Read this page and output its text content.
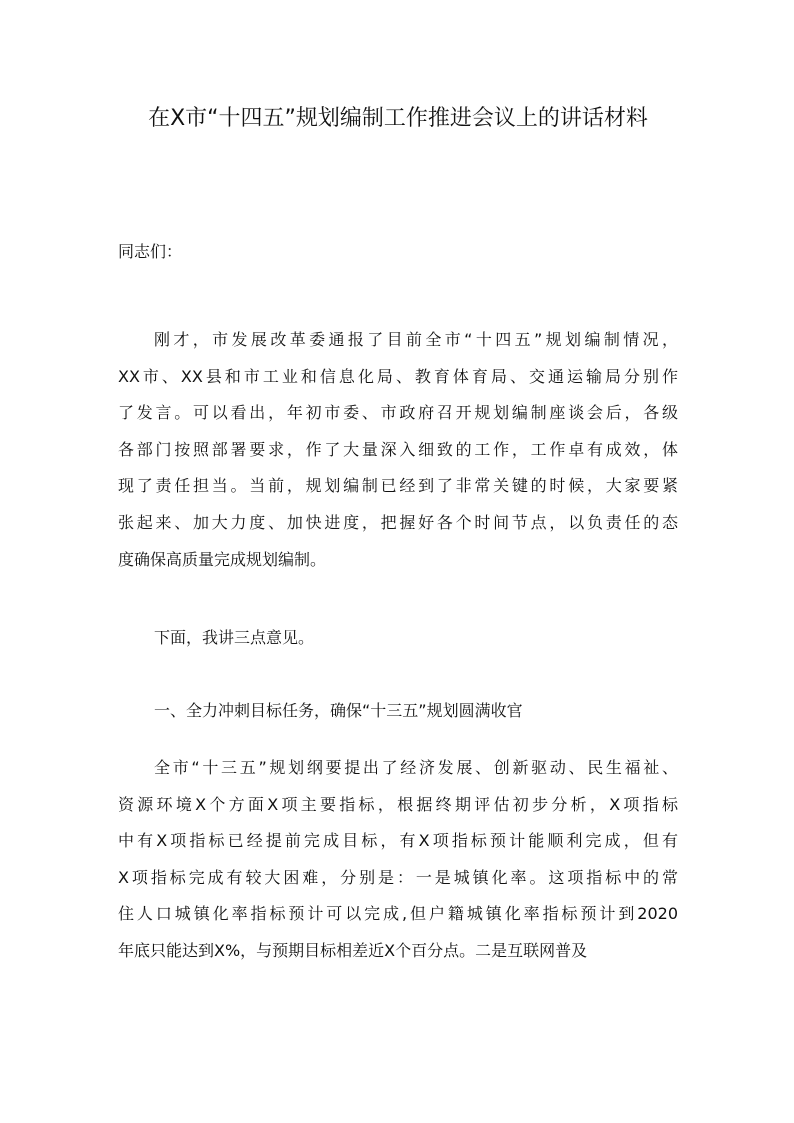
在X市“十四五”规划编制工作推进会议上的讲话材料

同志们：

刚才，市发展改革委通报了目前全市“十四五”规划编制情况，
XX市、XX县和市工业和信息化局、教育体育局、交通运输局分别作
了发言。可以看出，年初市委、市政府召开规划编制座谈会后，各级
各部门按照部署要求，作了大量深入细致的工作，工作卓有成效，体
现了责任担当。当前，规划编制已经到了非常关键的时候，大家要紧
张起来、加大力度、加快进度，把握好各个时间节点，以负责任的态
度确保高质量完成规划编制。

下面，我讲三点意见。

一、全力冲刺目标任务，确保“十三五”规划圆满收官

全市“十三五”规划纲要提出了经济发展、创新驱动、民生福祉、
资源环境X个方面X项主要指标，根据终期评估初步分析，X项指标
中有X项指标已经提前完成目标，有X项指标预计能顺利完成，但有
X项指标完成有较大困难，分别是：一是城镇化率。这项指标中的常
住人口城镇化率指标预计可以完成,但户籍城镇化率指标预计到2020
年底只能达到X%，与预期目标相差近X个百分点。二是互联网普及
